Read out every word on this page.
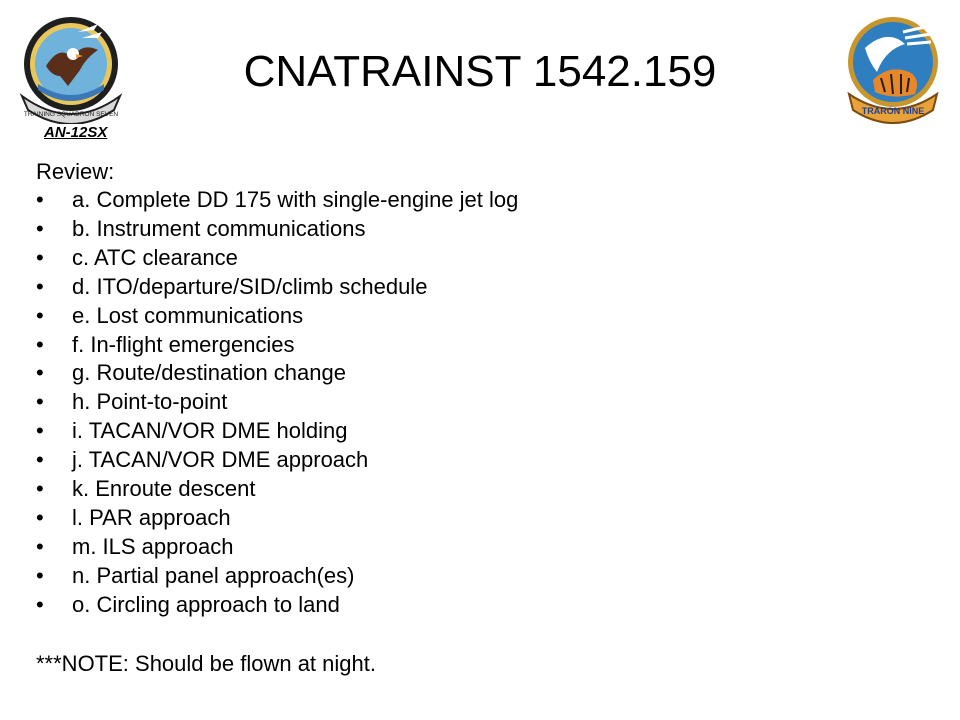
TRAINING SQUADRON SEVEN
CNATRAINST 1542.159
TRARON NINE
AN-12SX
Review:
•	a. Complete DD 175 with single-engine jet log
•	b. Instrument communications
•	c. ATC clearance
•	d. ITO/departure/SID/climb schedule
•	e. Lost communications
•	f. In-flight emergencies
•	g. Route/destination change
•	h. Point-to-point
•	i. TACAN/VOR DME holding
•	j. TACAN/VOR DME approach
•	k. Enroute descent
•	l. PAR approach
•	m. ILS approach
•	n. Partial panel approach(es)
•	o. Circling approach to land
***NOTE: Should be flown at night.
